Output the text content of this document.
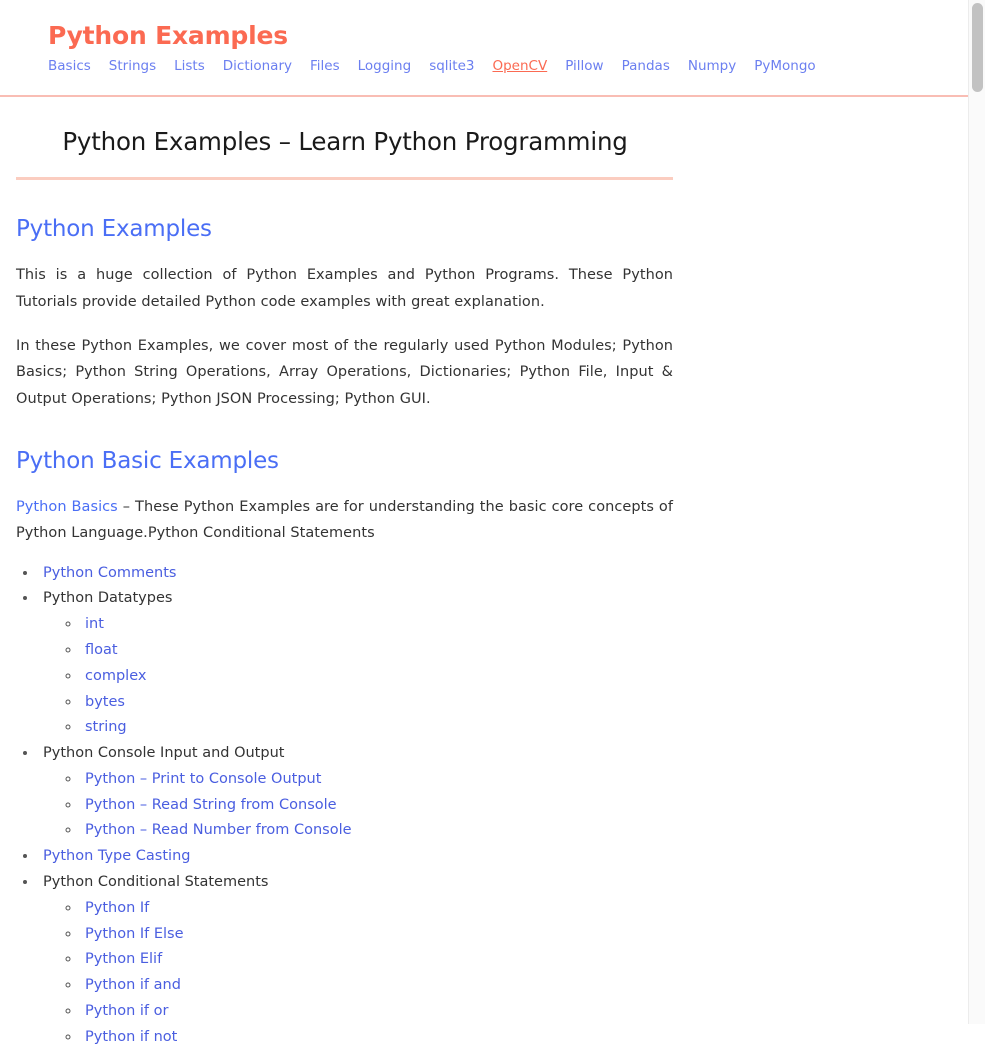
Python Examples
Basics Strings Lists Dictionary Files Logging sqlite3 OpenCV Pillow Pandas Numpy PyMongo
Python Examples – Learn Python Programming
Python Examples

This is a huge collection of Python Examples and Python Programs. These Python Tutorials provide detailed Python code examples with great explanation.

In these Python Examples, we cover most of the regularly used Python Modules; Python Basics; Python String Operations, Array Operations, Dictionaries; Python File, Input & Output Operations; Python JSON Processing; Python GUI.

Python Basic Examples

Python Basics – These Python Examples are for understanding the basic core concepts of Python Language.Python Conditional Statements

• Python Comments
• Python Datatypes
◦ int
◦ float
◦ complex
◦ bytes
◦ string
• Python Console Input and Output
◦ Python – Print to Console Output
◦ Python – Read String from Console
◦ Python – Read Number from Console
• Python Type Casting
• Python Conditional Statements
◦ Python If
◦ Python If Else
◦ Python Elif
◦ Python if and
◦ Python if or
◦ Python if not
